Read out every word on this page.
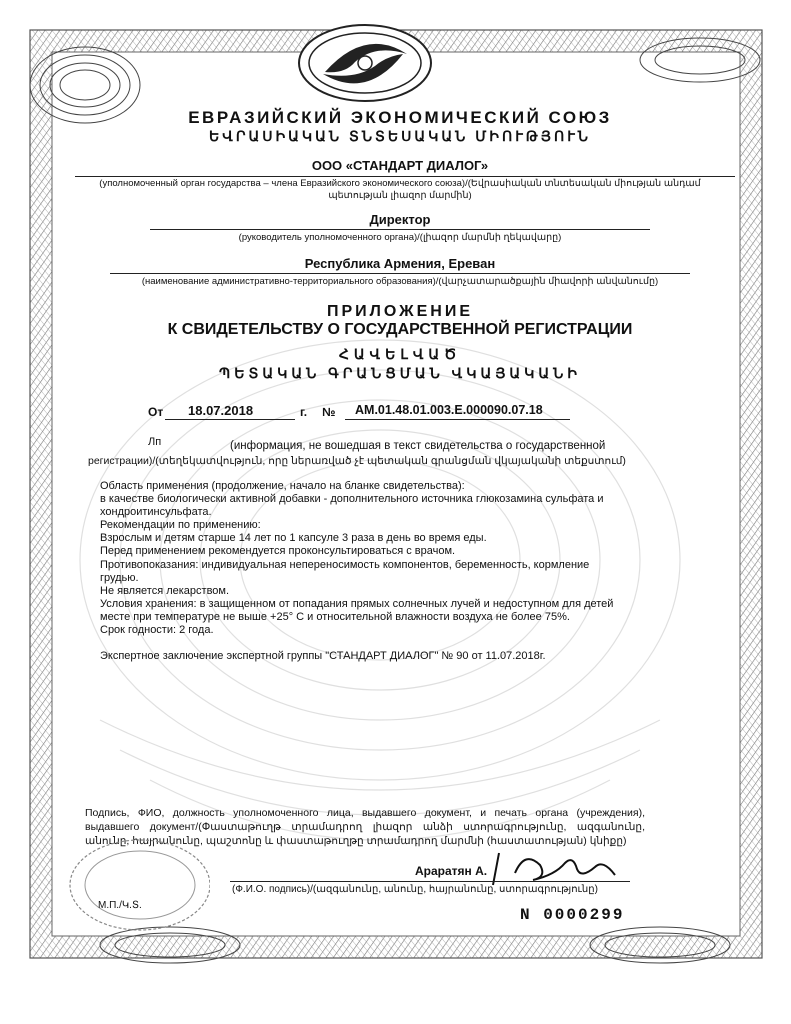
ЕВРАЗИЙСКИЙ ЭКОНОМИЧЕСКИЙ СОЮЗ
ԵՎՐԱՍԻԱԿԱՆ ՏՆՏԵՍԱԿԱՆ ՄԻՈՒԹՅՈՒՆ
ООО «СТАНДАРТ ДИАЛОГ»
(уполномоченный орган государства – члена Евразийского экономического союза)/(Եվրասիական տնտեսական միության անդամ
պետության լիազոր մարմին)
Директор
(руководитель уполномоченного органа)/(լիազոր մարմնի ղեկավարը)
Республика Армения, Ереван
(наименование административно-территориального образования)/(վարչատարածքային միավորի անվանումը)
ПРИЛОЖЕНИЕ
К СВИДЕТЕЛЬСТВУ О ГОСУДАРСТВЕННОЙ РЕГИСТРАЦИИ
ՀԱՎԵԼՎԱԾ
ՊԵՏԱԿԱՆ ԳՐԱՆՑՄԱՆ ՎԿԱՅԱԿԱՆԻ
От 18.07.2018	г. № AM.01.48.01.003.E.000090.07.18
Лп	(информация, не вошедшая в текст свидетельства о государственной
регистрации)/(տեղեկատվություն, որը ներառված չէ պետական գրանցման վկայականի տեքստում)
Область применения (продолжение, начало на бланке свидетельства):
в качестве биологически активной добавки - дополнительного источника глюкозамина сульфата и
хондроитинсульфата.
Рекомендации по применению:
Взрослым и детям старше 14 лет по 1 капсуле 3 раза в день во время еды.
Перед применением рекомендуется проконсультироваться с врачом.
Противопоказания: индивидуальная непереносимость компонентов, беременность, кормление
грудью.
Не является лекарством.
Условия хранения: в защищенном от попадания прямых солнечных лучей и недоступном для детей
месте при температуре не выше +25° С и относительной влажности воздуха не более 75%.
Срок годности: 2 года.
Экспертное заключение экспертной группы "СТАНДАРТ ДИАЛОГ" № 90 от 11.07.2018г.
Подпись, ФИО, должность уполномоченного лица, выдавшего документ, и печать органа (учреждения), выдавшего документ/(Փաստաթուղթ տրամադրող լիազոր անձի ստորագրությունը, ազգանունը, անունը, հայրանունը, պաշտոնը և փաստաթուղթը տրամադրող մարմնի (հաստատության) կնիքը)
Араратян А.
М.П./Կ.Տ.
(Ф.И.О. подпись)/(ազգանունը, անունը, հայրանունը, ստորագրությունը)
N 0000299
